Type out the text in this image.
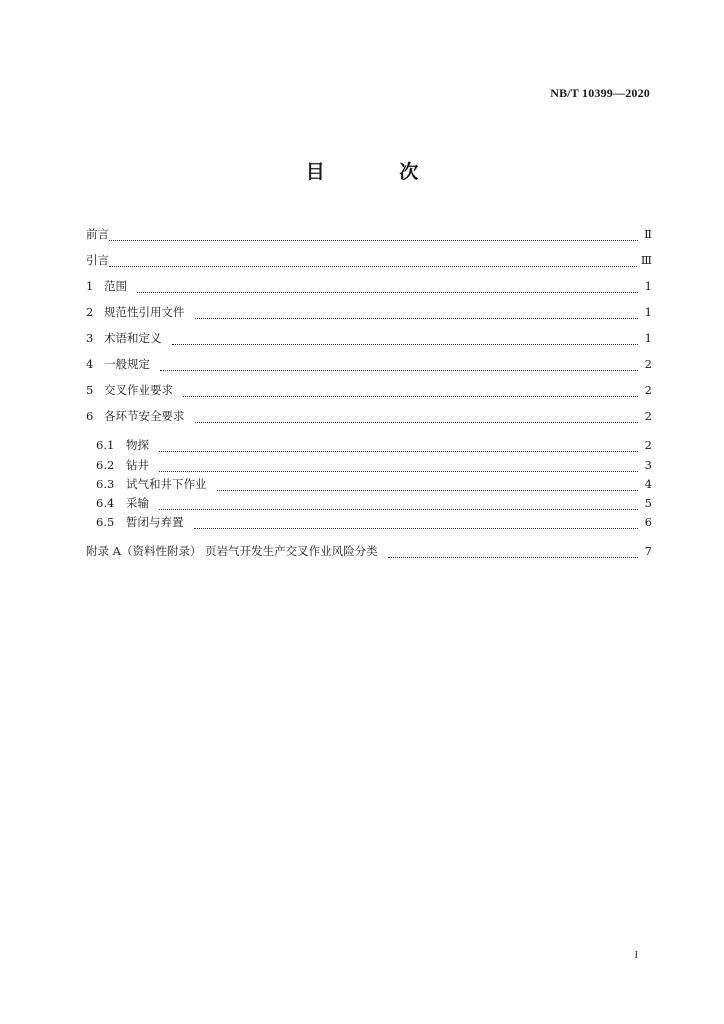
NB/T 10399—2020
目 次
前言	Ⅱ
引言	Ⅲ
1 范围	1
2 规范性引用文件	1
3 术语和定义	1
4 一般规定	2
5 交叉作业要求	2
6 各环节安全要求	2
6.1	物探	2
6.2	钻井	3
6.3	试气和井下作业	4
6.4	采输	5
6.5	暂闭与弃置	6
附录 A（资料性附录） 页岩气开发生产交叉作业风险分类	7
I
